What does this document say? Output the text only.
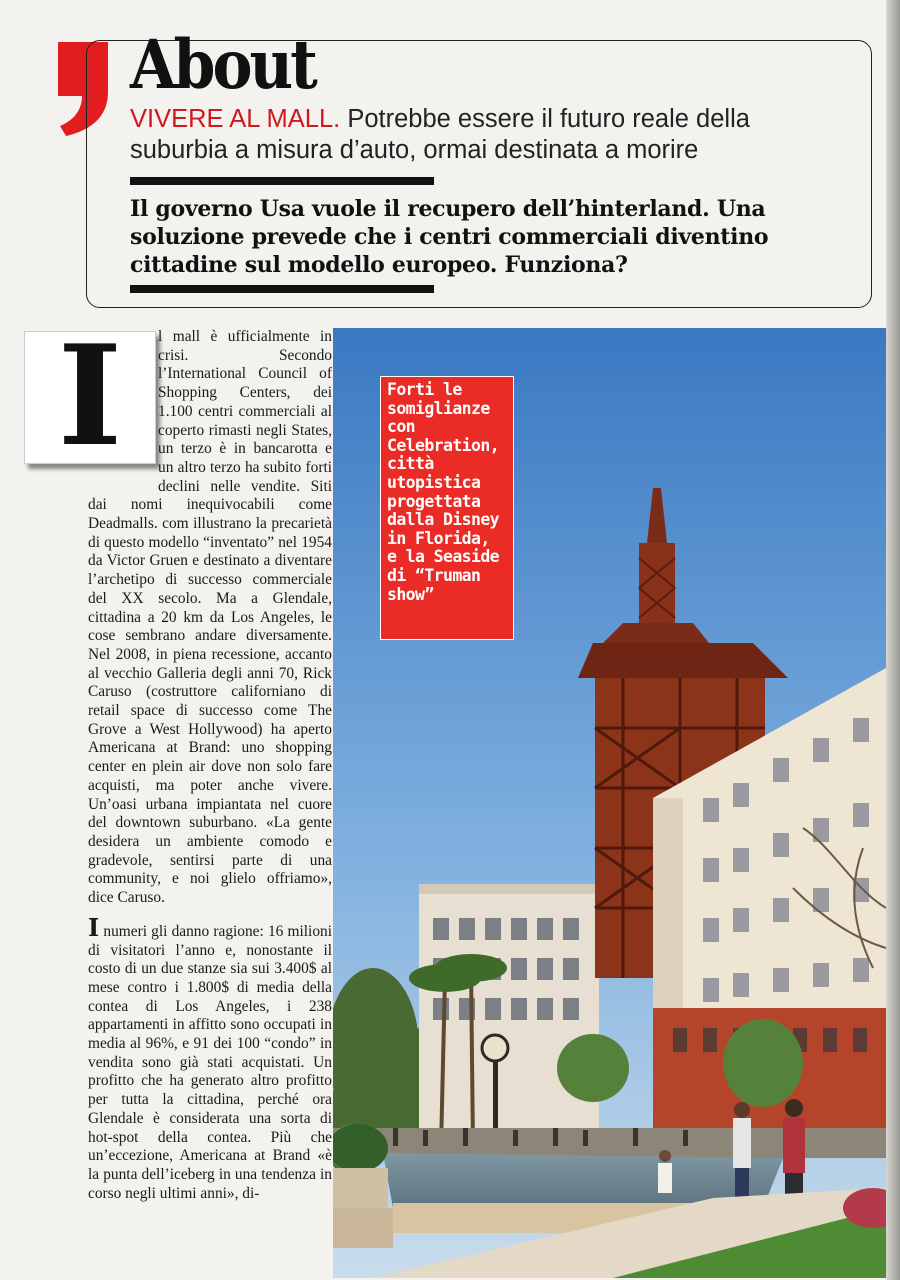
About

VIVERE AL MALL. Potrebbe essere il futuro reale della suburbia a misura d’auto, ormai destinata a morire

Il governo Usa vuole il recupero dell’hinterland. Una soluzione prevede che i centri commerciali diventino cittadine sul modello europeo. Funziona?

I	l mall è ufficialmente in crisi.	Secondo l’International Council of Shopping Centers, dei 1.100 centri commerciali al coperto rimasti negli States, un terzo è in bancarotta e un altro terzo ha subito forti declini nelle vendite. Siti dai nomi inequivocabili come Deadmalls. com illustrano la precarietà di questo modello “inventato” nel 1954 da Victor Gruen e destinato a diventare l’archetipo di successo commerciale del XX secolo. Ma a Glendale, cittadina a 20 km da Los Angeles, le cose sembrano andare diversamente. Nel 2008, in piena recessione, accanto al vecchio Galleria degli anni 70, Rick Caruso (costruttore californiano di retail space di successo come The Grove a West Hollywood) ha aperto Americana at Brand: uno shopping center en plein air dove non solo fare acquisti, ma poter anche vivere. Un’oasi urbana impiantata nel cuore del downtown suburbano. «La gente desidera un ambiente comodo e gradevole, sentirsi parte di una community, e noi glielo offriamo», dice Caruso.

I numeri gli danno ragione: 16 milioni di visitatori l’anno e, nonostante il costo di un due stanze sia sui 3.400$ al mese contro i 1.800$ di media della contea di Los Angeles, i 238 appartamenti in affitto sono occupati in media al 96%, e 91 dei 100 “condo” in vendita sono già stati acquistati. Un profitto che ha generato altro profitto per tutta la cittadina, perché ora Glendale è considerata una sorta di hot-spot della contea. Più che un’eccezione, Americana at Brand «è la punta dell’iceberg in una tendenza in corso negli ultimi anni», di-

Forti le somiglianze con Celebration, città utopistica progettata dalla Disney in Florida, e la Seaside di “Truman show”
